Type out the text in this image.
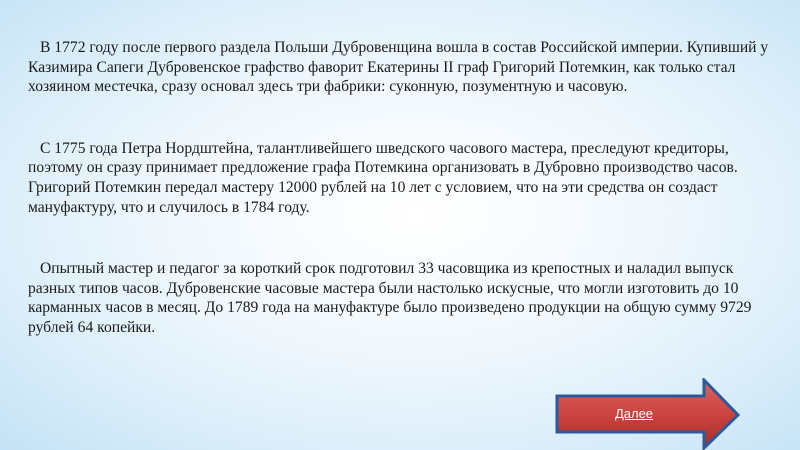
В 1772 году после первого раздела Польши Дубровенщина вошла в состав Российской империи. Купивший у Казимира Сапеги Дубровенское графство фаворит Екатерины II граф Григорий Потемкин, как только стал хозяином местечка, сразу основал здесь три фабрики: суконную, позументную и часовую.

С 1775 года Петра Нордштейна, талантливейшего шведского часового мастера, преследуют кредиторы, поэтому он сразу принимает предложение графа Потемкина организовать в Дубровно производство часов. Григорий Потемкин передал мастеру 12000 рублей на 10 лет с условием, что на эти средства он создаст мануфактуру, что и случилось в 1784 году.

Опытный мастер и педагог за короткий срок подготовил 33 часовщика из крепостных и наладил выпуск разных типов часов. Дубровенские часовые мастера были настолько искусные, что могли изготовить до 10 карманных часов в месяц. До 1789 года на мануфактуре было произведено продукции на общую сумму 9729 рублей 64 копейки.

Далее
